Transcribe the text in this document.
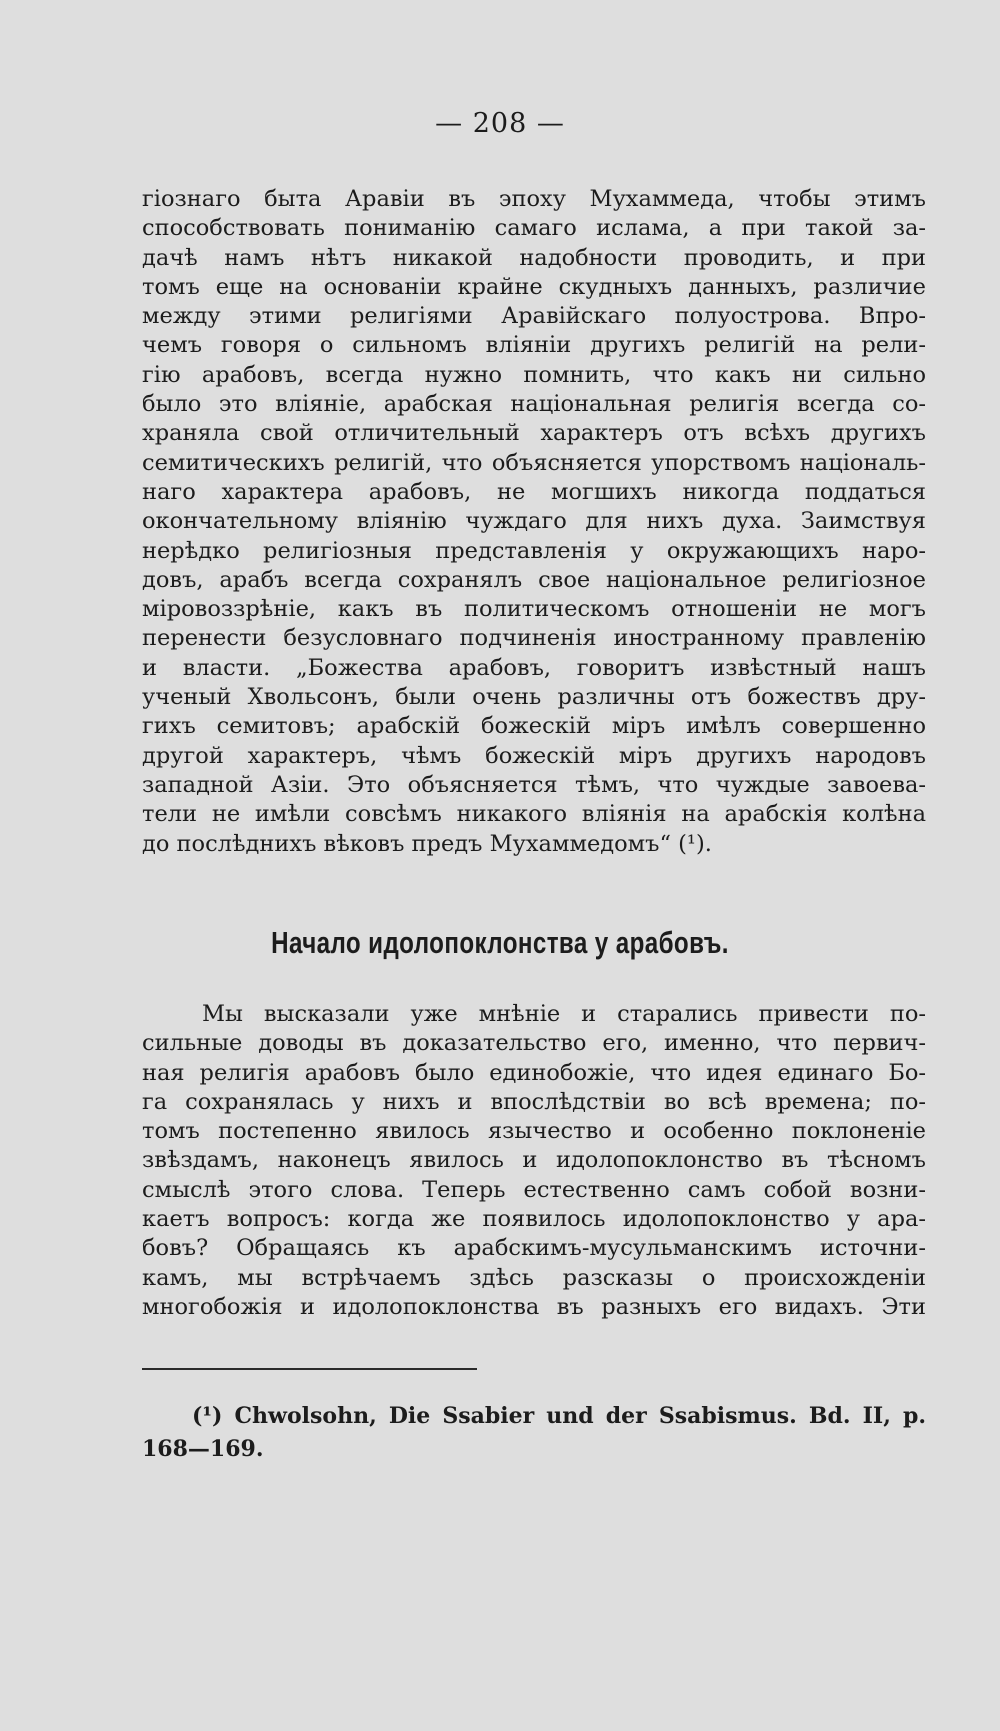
— 208 —
гiознаго быта Аравiи въ эпоху Мухаммеда, чтобы этимъ
способствовать пониманiю самаго ислама, а при такой за-
дачѣ намъ нѣтъ никакой надобности проводить, и при
томъ еще на основанiи крайне скудныхъ данныхъ, различие
между этими религiями Аравiйскаго полуострова. Впро-
чемъ говоря о сильномъ влiянiи другихъ религiй на рели-
гiю арабовъ, всегда нужно помнить, что какъ ни сильно
было это влiянiе, арабская нацiональная религiя всегда со-
храняла свой отличительный характеръ отъ всѣхъ другихъ
семитическихъ религiй, что объясняется упорствомъ нацiональ-
наго характера арабовъ, не могшихъ никогда поддаться
окончательному влiянiю чуждаго для нихъ духа. Заимствуя
нерѣдко религiозныя представленiя у окружающихъ наро-
довъ, арабъ всегда сохранялъ свое нацiональное религiозное
мiровоззрѣнiе, какъ въ политическомъ отношенiи не могъ
перенести безусловнаго подчиненiя иностранному правленiю
и власти. „Божества арабовъ, говоритъ извѣстный нашъ
ученый Хвольсонъ, были очень различны отъ божествъ дру-
гихъ семитовъ; арабскiй божескiй мiръ имѣлъ совершенно
другой характеръ, чѣмъ божескiй мiръ другихъ народовъ
западной Азiи. Это объясняется тѣмъ, что чуждые завоева-
тели не имѣли совсѣмъ никакого влiянiя на арабскiя колѣна
до послѣднихъ вѣковъ предъ Мухаммедомъ“ (¹).
Начало идолопоклонства у арабовъ.
Мы высказали уже мнѣнiе и старались привести по-
сильные доводы въ доказательство его, именно, что первич-
ная религiя арабовъ было единобожiе, что идея единаго Бо-
га сохранялась у нихъ и впослѣдствiи во всѣ времена; по-
томъ постепенно явилось язычество и особенно поклоненiе
звѣздамъ, наконецъ явилось и идолопоклонство въ тѣсномъ
смыслѣ этого слова. Теперь естественно самъ собой возни-
каетъ вопросъ: когда же появилось идолопоклонство у ара-
бовъ? Обращаясь къ арабскимъ-мусульманскимъ источни-
камъ, мы встрѣчаемъ здѣсь разсказы о происхожденiи
многобожiя и идолопоклонства въ разныхъ его видахъ. Эти
(¹) Chwolsohn, Die Ssabier und der Ssabismus. Bd. II, p.
168—169.
